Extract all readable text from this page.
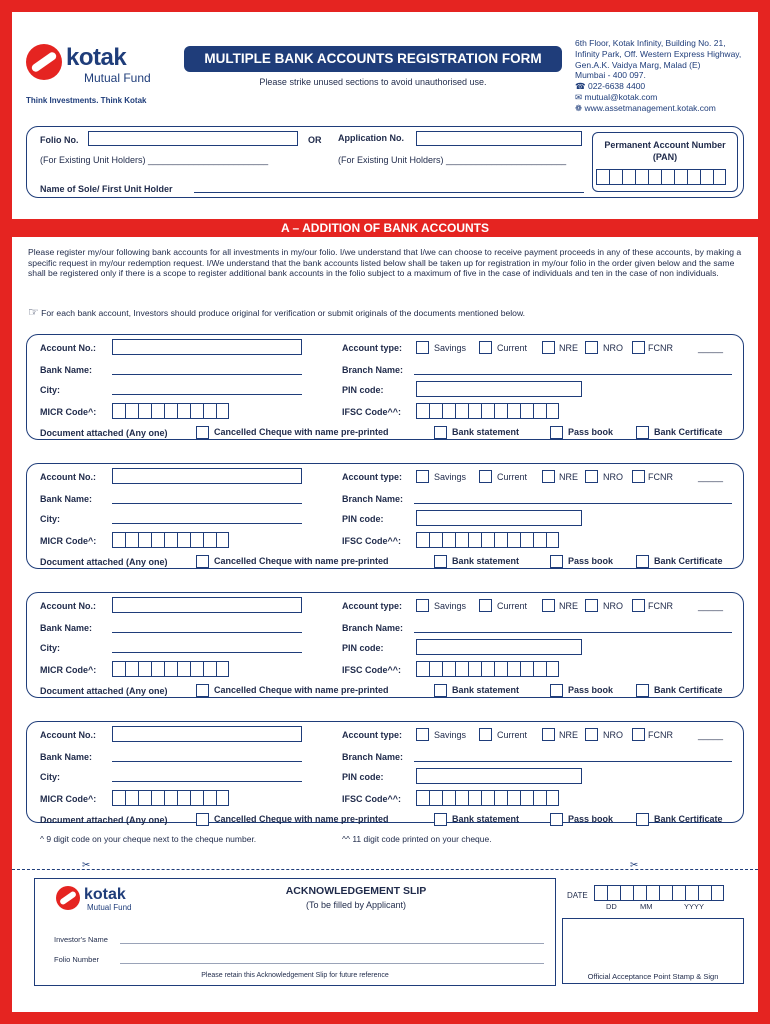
kotak
Mutual Fund
Think Investments. Think Kotak
MULTIPLE BANK ACCOUNTS REGISTRATION FORM
Please strike unused sections to avoid unauthorised use.
6th Floor, Kotak Infinity, Building No. 21,
Infinity Park, Off. Western Express Highway,
Gen.A.K. Vaidya Marg, Malad (E)
Mumbai - 400 097.
☎ 022-6638 4400
✉ mutual@kotak.com
❁ www.assetmanagement.kotak.com
Folio No.	OR Application No.
(For Existing Unit Holders) ________________________	(For Existing Unit Holders) ________________________
Permanent Account Number (PAN)
Name of Sole/ First Unit Holder
A – ADDITION OF BANK ACCOUNTS
Please register my/our following bank accounts for all investments in my/our folio. I/we understand that I/we can choose to receive payment proceeds in any of these accounts, by making a specific request in my/our redemption request. I/We understand that the bank accounts listed below shall be taken up for registration in my/our folio in the order given below and the same shall be registered only if there is a scope to register additional bank accounts in the folio subject to a maximum of five in the case of individuals and ten in the case of non individuals.
☞ For each bank account, Investors should produce original for verification or submit originals of the documents mentioned below.
Account No.:	Account type:	Savings	Current	NRE	NRO	FCNR	_____
Bank Name:	Branch Name:
City:	PIN code:
MICR Code^:	IFSC Code^^:
Document attached (Any one)	Cancelled Cheque with name pre-printed	Bank statement	Pass book	Bank Certificate
Account No.:	Account type:	Savings	Current	NRE	NRO	FCNR	_____
Bank Name:	Branch Name:
City:	PIN code:
MICR Code^:	IFSC Code^^:
Document attached (Any one)	Cancelled Cheque with name pre-printed	Bank statement	Pass book	Bank Certificate
Account No.:	Account type:	Savings	Current	NRE	NRO	FCNR	_____
Bank Name:	Branch Name:
City:	PIN code:
MICR Code^:	IFSC Code^^:
Document attached (Any one)	Cancelled Cheque with name pre-printed	Bank statement	Pass book	Bank Certificate
Account No.:	Account type:	Savings	Current	NRE	NRO	FCNR	_____
Bank Name:	Branch Name:
City:	PIN code:
MICR Code^:	IFSC Code^^:
Document attached (Any one)	Cancelled Cheque with name pre-printed	Bank statement	Pass book	Bank Certificate
^ 9 digit code on your cheque next to the cheque number.	^^ 11 digit code printed on your cheque.
✂	✂
kotak
Mutual Fund
ACKNOWLEDGEMENT SLIP
(To be filled by Applicant)
Investor's Name
Folio Number
Please retain this Acknowledgement Slip for future reference
DATE
DD	MM	YYYY
Official Acceptance Point Stamp & Sign
